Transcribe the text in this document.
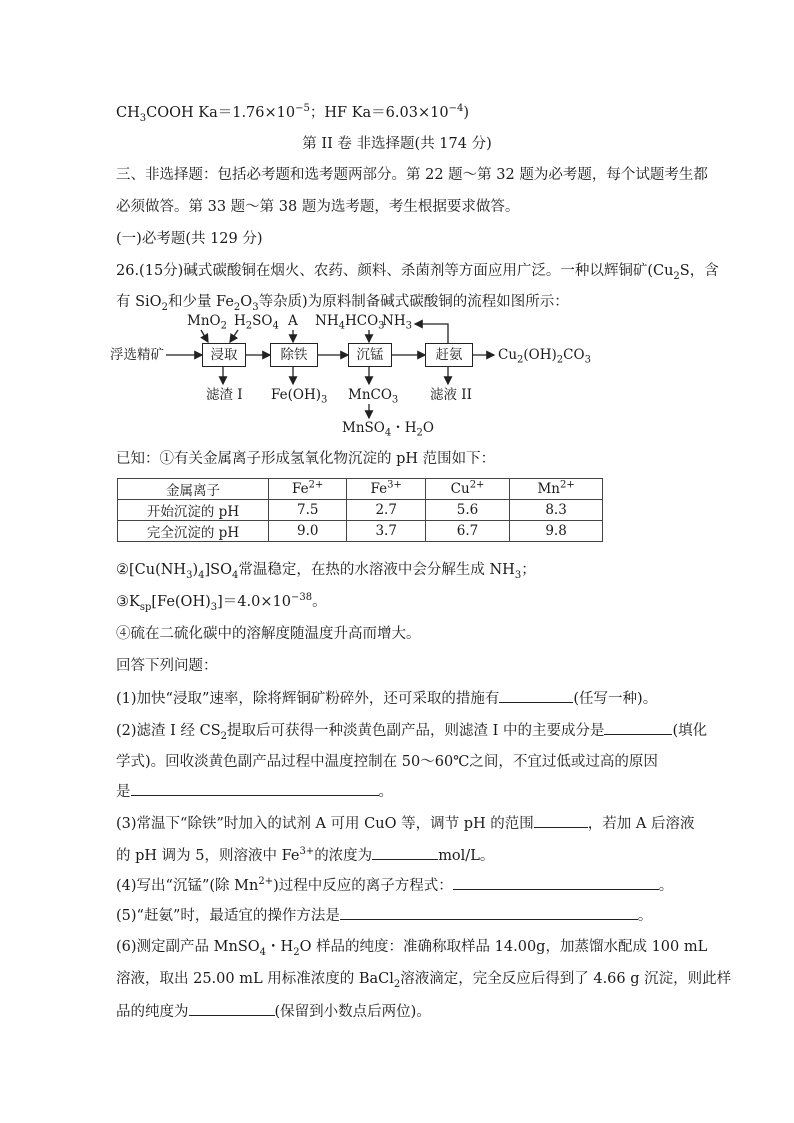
$CH_3COOH$ $Ka=1.76\times 10^{-5}$；HF $Ka=6.03\times 10^{-4}$)
第 II 卷 非选择题(共 174 分)
三、非选择题：包括必考题和选考题两部分。第 22 题～第 32 题为必考题，每个试题考生都
必须做答。第 33 题～第 38 题为选考题，考生根据要求做答。
(一)必考题(共 129 分)
26.(15分)碱式碳酸铜在烟火、农药、颜料、杀菌剂等方面应用广泛。一种以辉铜矿($Cu_2S$，含
有 SiO$_2$和少量 $Fe_2O_3$等杂质)为原料制备碱式碳酸铜的流程如图所示：
浮选精矿	浸取	除铁	沉锰	赶氨
MnO$_2$ $H_2SO_4$ A $NH_4HCO_3$
$NH_3$
滤渣 I $Fe(OH)_3$ MnCO$_3$ 滤液 II
MnSO$_4$・$H_2O$
$Cu_2(OH)_2CO_3$
已知：①有关金属离子形成氢氧化物沉淀的 pH 范围如下：
金属离子	$Fe^{2+}$	$Fe^{3+}$	$Cu^{2+}$	$Mn^{2+}$
开始沉淀的 pH	7.5	2.7	5.6	8.3
完全沉淀的 pH	9.0	3.7	6.7	9.8
$②[Cu(NH_3)_4]SO_4$常温稳定，在热的水溶液中会分解生成 $NH_3$；
$③K_{sp}[Fe(OH)_3]=4.0\times 10^{-38}$。
④硫在二硫化碳中的溶解度随温度升高而增大。
回答下列问题：
(1)加快“浸取”速率，除将辉铜矿粉碎外，还可采取的措施有	(任写一种)。
(2)滤渣 I 经 $CS_2$提取后可获得一种淡黄色副产品，则滤渣 I 中的主要成分是	(填化
学式)。回收淡黄色副产品过程中温度控制在 50～60℃之间，不宜过低或过高的原因
是	。
(3)常温下“除铁”时加入的试剂 A 可用 CuO 等，调节 pH 的范围	，若加 A 后溶液
的 pH 调为 5，则溶液中 $Fe^{3+}$的浓度为	mol/L。
(4)写出“沉锰”(除 $Mn^{2+}$)过程中反应的离子方程式：	。
(5)“赶氨”时，最适宜的操作方法是	。
(6)测定副产品 MnSO$_4$・$H_2O$ 样品的纯度：准确称取样品 14.00g，加蒸馏水配成 100 mL
溶液，取出 25.00 mL 用标准浓度的 BaCl$_2$溶液滴定，完全反应后得到了 4.66 g 沉淀，则此样
品的纯度为	(保留到小数点后两位)。
